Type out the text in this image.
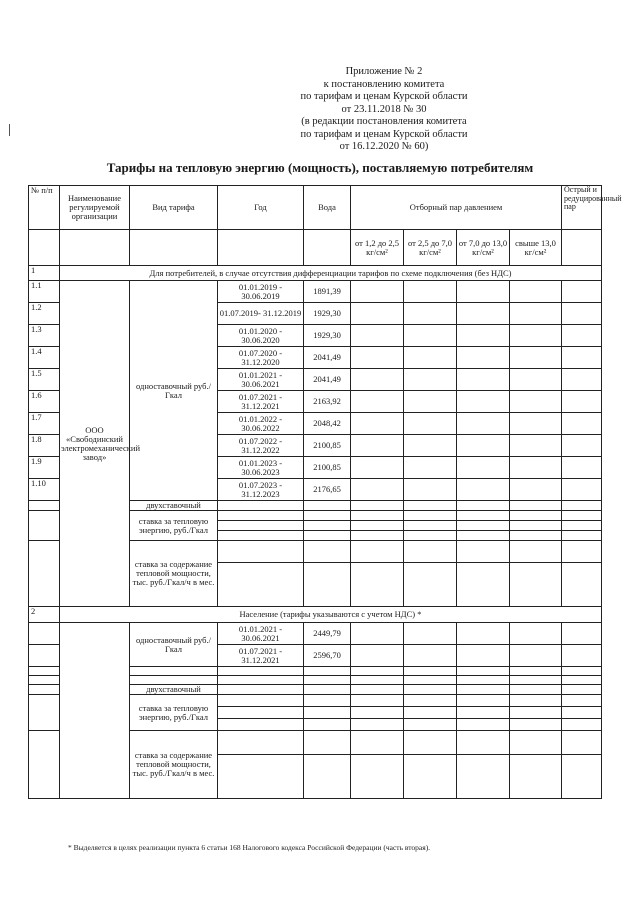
Приложение № 2
к постановлению комитета
по тарифам и ценам Курской области
от 23.11.2018 № 30
(в редакции постановления комитета
по тарифам и ценам Курской области
от 16.12.2020 № 60)
Тарифы на тепловую энергию (мощность), поставляемую потребителям
№ п/п	Наименование регулируемой организации	Вид тарифа	Год	Вода	Отборный пар давлением				Острый и редуцированный пар
					от 1,2 до 2,5 кг/см²	от 2,5 до 7,0 кг/см²	от 7,0 до 13,0 кг/см²	свыше 13,0 кг/см²	
1	Для потребителей, в случае отсутствия дифференциации тарифов по схеме подключения (без НДС)								
1.1	ООО «Свободинский электромеханический завод»	одноставочный руб./Гкал	01.01.2019 - 30.06.2019	1891,39					
1.2			01.07.2019- 31.12.2019	1929,30					
1.3			01.01.2020 - 30.06.2020	1929,30					
1.4			01.07.2020 - 31.12.2020	2041,49					
1.5			01.01.2021 - 30.06.2021	2041,49					
1.6			01.07.2021 - 31.12.2021	2163,92					
1.7			01.01.2022 - 30.06.2022	2048,42					
1.8			01.07.2022 - 31.12.2022	2100,85					
1.9			01.01.2023 - 30.06.2023	2100,85					
1.10			01.07.2023 - 31.12.2023	2176,65					
		двухставочный							
		ставка за тепловую энергию, руб./Гкал							

		ставка за содержание тепловой мощности, тыс. руб./Гкал/ч в мес.							

2	Население (тарифы указываются с учетом НДС) *								
		одноставочный руб./Гкал	01.01.2021 - 30.06.2021	2449,79					
			01.07.2021 - 31.12.2021	2596,70					

		двухставочный							
		ставка за тепловую энергию, руб./Гкал							

		ставка за содержание тепловой мощности, тыс. руб./Гкал/ч в мес.							

* Выделяется в целях реализации пункта 6 статьи 168 Налогового кодекса Российской Федерации (часть вторая).
